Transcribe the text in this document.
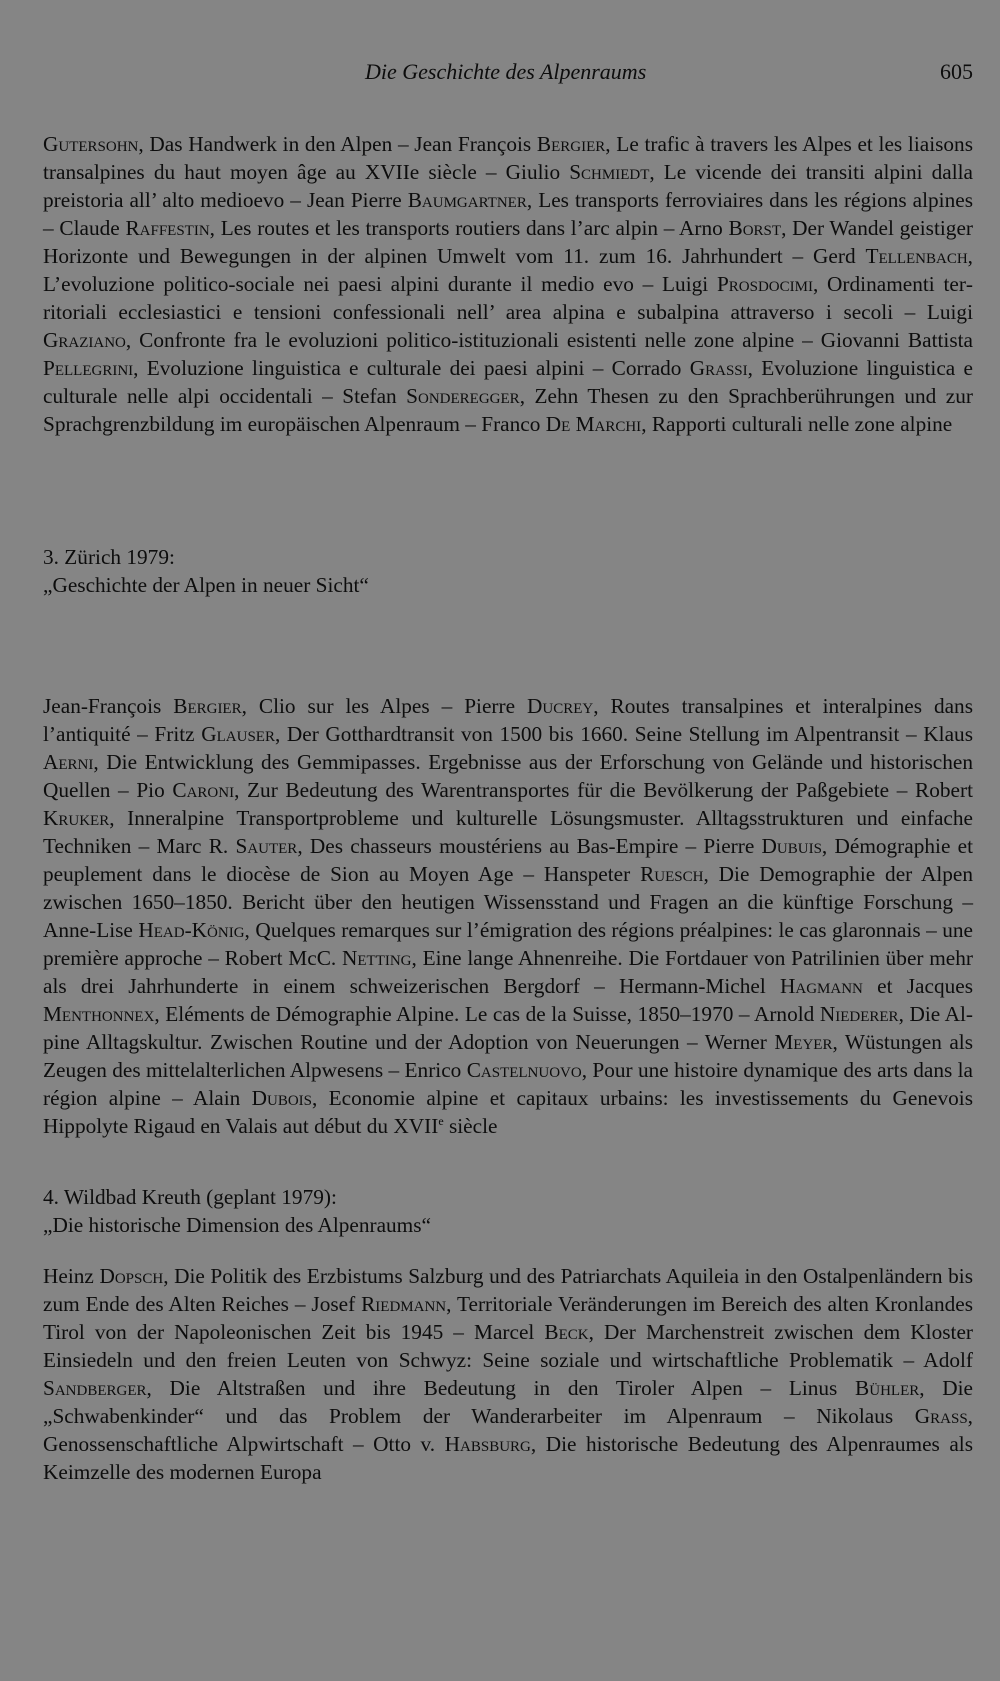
Die Geschichte des Alpenraums	605

Gutersohn, Das Handwerk in den Alpen – Jean François Bergier, Le trafic à travers les Alpes et les liaisons transalpines du haut moyen âge au XVIIe siècle – Giulio Schmiedt, Le vicende dei transiti alpini dalla preistoria all’ alto medioevo – Jean Pierre Baumgartner, Les transports ferroviaires dans les régions alpines – Claude Raffestin, Les routes et les transports routiers dans l’arc alpin – Arno Borst, Der Wandel geistiger Horizonte und Bewegungen in der alpinen Umwelt vom 11. zum 16. Jahrhundert – Gerd Tellenbach, L’evoluzione politico-sociale nei paesi alpini durante il medio evo – Luigi Prosdocimi, Ordinamenti territoriali ecclesiastici e tensioni confessionali nell’ area alpina e subalpina attraverso i secoli – Luigi Graziano, Confronte fra le evoluzioni politico-istituzionali esistenti nelle zone alpine – Giovanni Battista Pellegrini, Evoluzione linguistica e culturale dei paesi alpini – Corrado Grassi, Evoluzione linguistica e culturale nelle alpi occidentali – Stefan Sonderegger, Zehn Thesen zu den Sprachberührungen und zur Sprachgrenzbildung im europäischen Alpenraum – Franco De Marchi, Rapporti culturali nelle zone alpine

3. Zürich 1979:

„Geschichte der Alpen in neuer Sicht“

Jean-François Bergier, Clio sur les Alpes – Pierre Ducrey, Routes transalpines et interalpines dans l’antiquité – Fritz Glauser, Der Gotthardtransit von 1500 bis 1660. Seine Stellung im Alpentransit – Klaus Aerni, Die Entwicklung des Gemmipasses. Ergebnisse aus der Erforschung von Gelände und historischen Quellen – Pio Caroni, Zur Bedeutung des Warentransportes für die Bevölkerung der Paßgebiete – Robert Kruker, Inneralpine Transportprobleme und kulturelle Lösungsmuster. Alltagsstrukturen und einfache Techniken – Marc R. Sauter, Des chasseurs moustériens au Bas-Empire – Pierre Dubuis, Démographie et peuplement dans le diocèse de Sion au Moyen Age – Hanspeter Ruesch, Die Demographie der Alpen zwischen 1650–1850. Bericht über den heutigen Wissensstand und Fragen an die künftige Forschung – Anne-Lise Head-König, Quelques remarques sur l’émigration des régions préalpines: le cas glaronnais – une première approche – Robert McC. Netting, Eine lange Ahnenreihe. Die Fortdauer von Patrilinien über mehr als drei Jahrhunderte in einem schweizerischen Bergdorf – Hermann-Michel Hagmann et Jacques Menthonnex, Eléments de Démographie Alpine. Le cas de la Suisse, 1850–1970 – Arnold Niederer, Die Alpine Alltagskultur. Zwischen Routine und der Adoption von Neuerungen – Werner Meyer, Wüstungen als Zeugen des mittelalterlichen Alpwesens – Enrico Castelnuovo, Pour une histoire dynamique des arts dans la région alpine – Alain Dubois, Economie alpine et capitaux urbains: les investissements du Genevois Hippolyte Rigaud en Valais aut début du XVIIe siècle

4. Wildbad Kreuth (geplant 1979):

„Die historische Dimension des Alpenraums“

Heinz Dopsch, Die Politik des Erzbistums Salzburg und des Patriarchats Aquileia in den Ostalpenländern bis zum Ende des Alten Reiches – Josef Riedmann, Territoriale Veränderungen im Bereich des alten Kronlandes Tirol von der Napoleonischen Zeit bis 1945 – Marcel Beck, Der Marchenstreit zwischen dem Kloster Einsiedeln und den freien Leuten von Schwyz: Seine soziale und wirtschaftliche Problematik – Adolf Sandberger, Die Altstraßen und ihre Bedeutung in den Tiroler Alpen – Linus Bühler, Die „Schwabenkinder“ und das Problem der Wanderarbeiter im Alpenraum – Nikolaus Grass, Genossenschaftliche Alpwirtschaft – Otto v. Habsburg, Die historische Bedeutung des Alpenraumes als Keimzelle des modernen Europa
